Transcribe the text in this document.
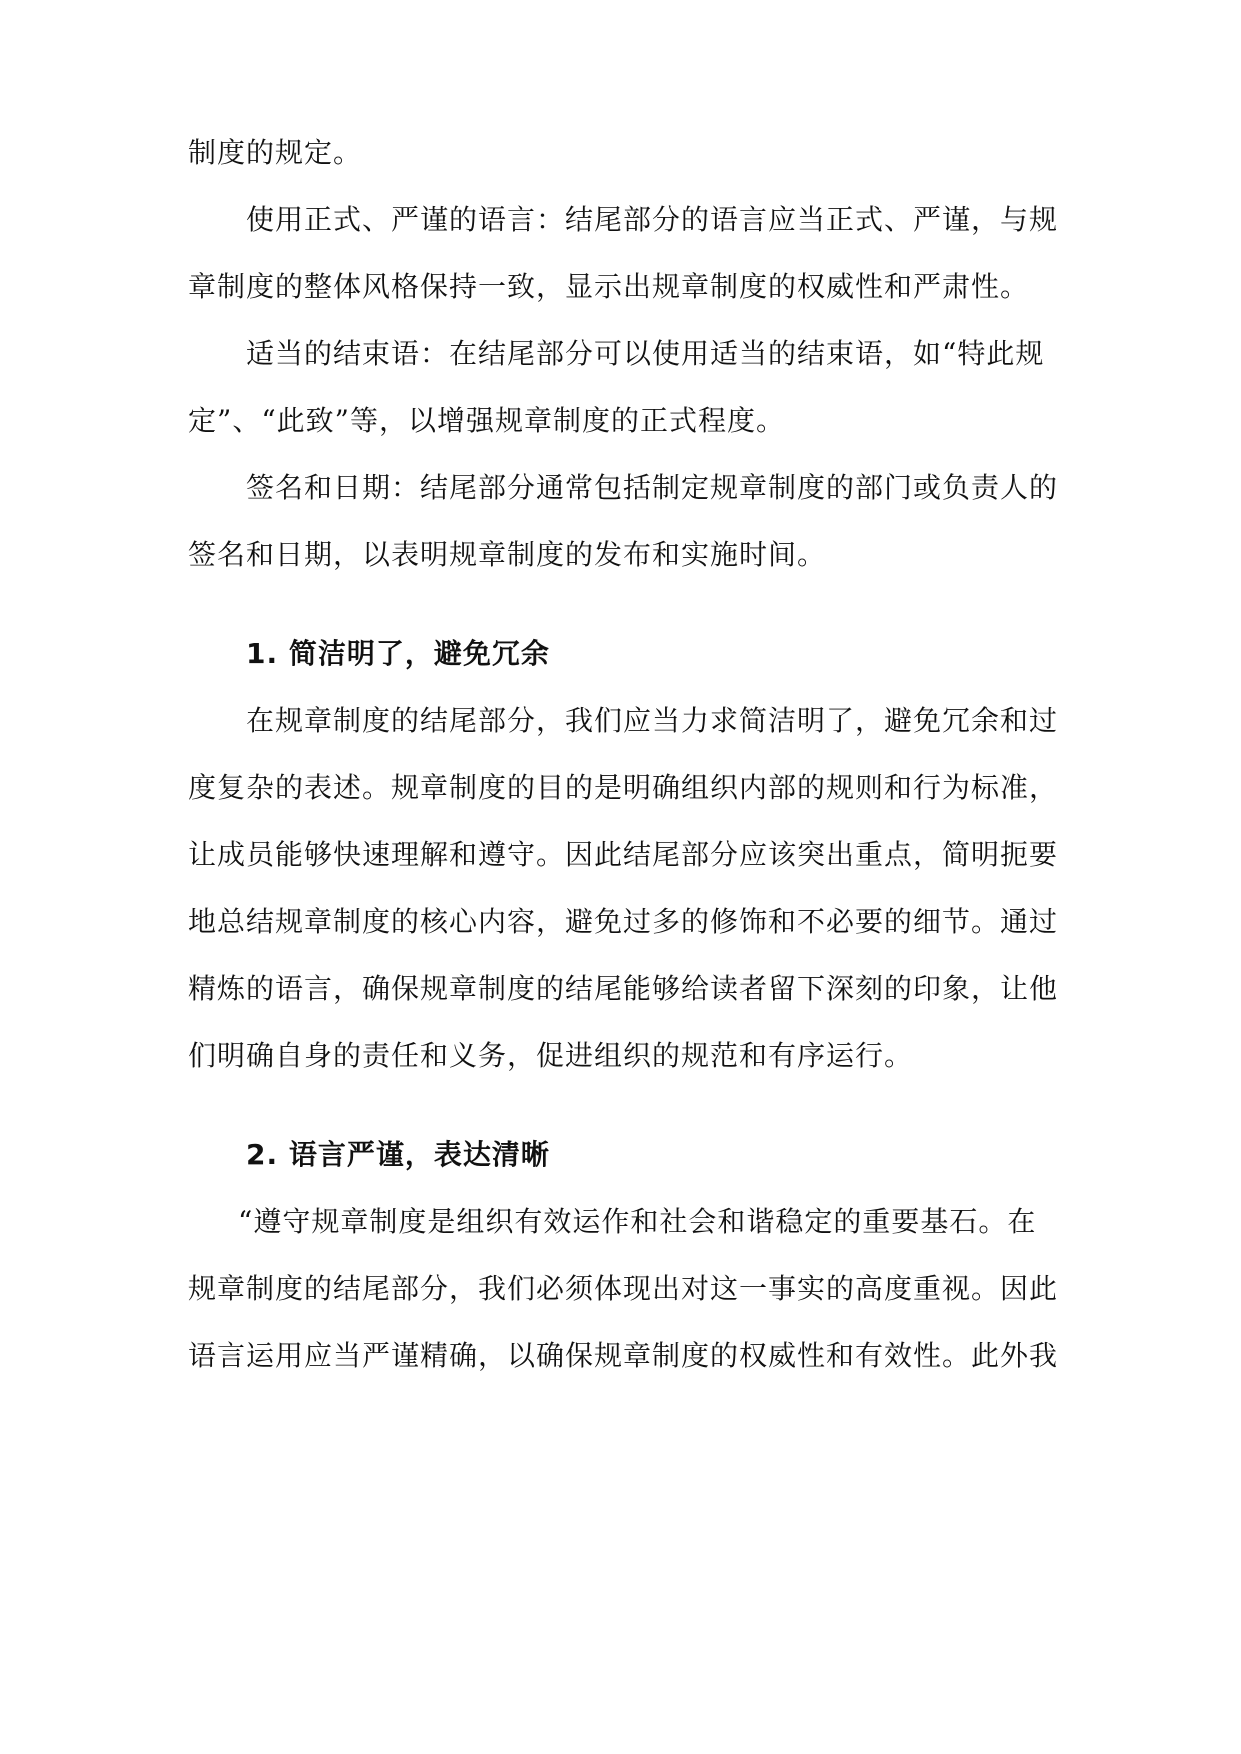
制度的规定。
使用正式、严谨的语言：结尾部分的语言应当正式、严谨，与规
章制度的整体风格保持一致，显示出规章制度的权威性和严肃性。
适当的结束语：在结尾部分可以使用适当的结束语，如“特此规
定”、“此致”等，以增强规章制度的正式程度。
签名和日期：结尾部分通常包括制定规章制度的部门或负责人的
签名和日期，以表明规章制度的发布和实施时间。
1. 简洁明了，避免冗余
在规章制度的结尾部分，我们应当力求简洁明了，避免冗余和过
度复杂的表述。规章制度的目的是明确组织内部的规则和行为标准，
让成员能够快速理解和遵守。因此结尾部分应该突出重点，简明扼要
地总结规章制度的核心内容，避免过多的修饰和不必要的细节。通过
精炼的语言，确保规章制度的结尾能够给读者留下深刻的印象，让他
们明确自身的责任和义务，促进组织的规范和有序运行。
2. 语言严谨，表达清晰
“遵守规章制度是组织有效运作和社会和谐稳定的重要基石。在
规章制度的结尾部分，我们必须体现出对这一事实的高度重视。因此
语言运用应当严谨精确，以确保规章制度的权威性和有效性。此外我
